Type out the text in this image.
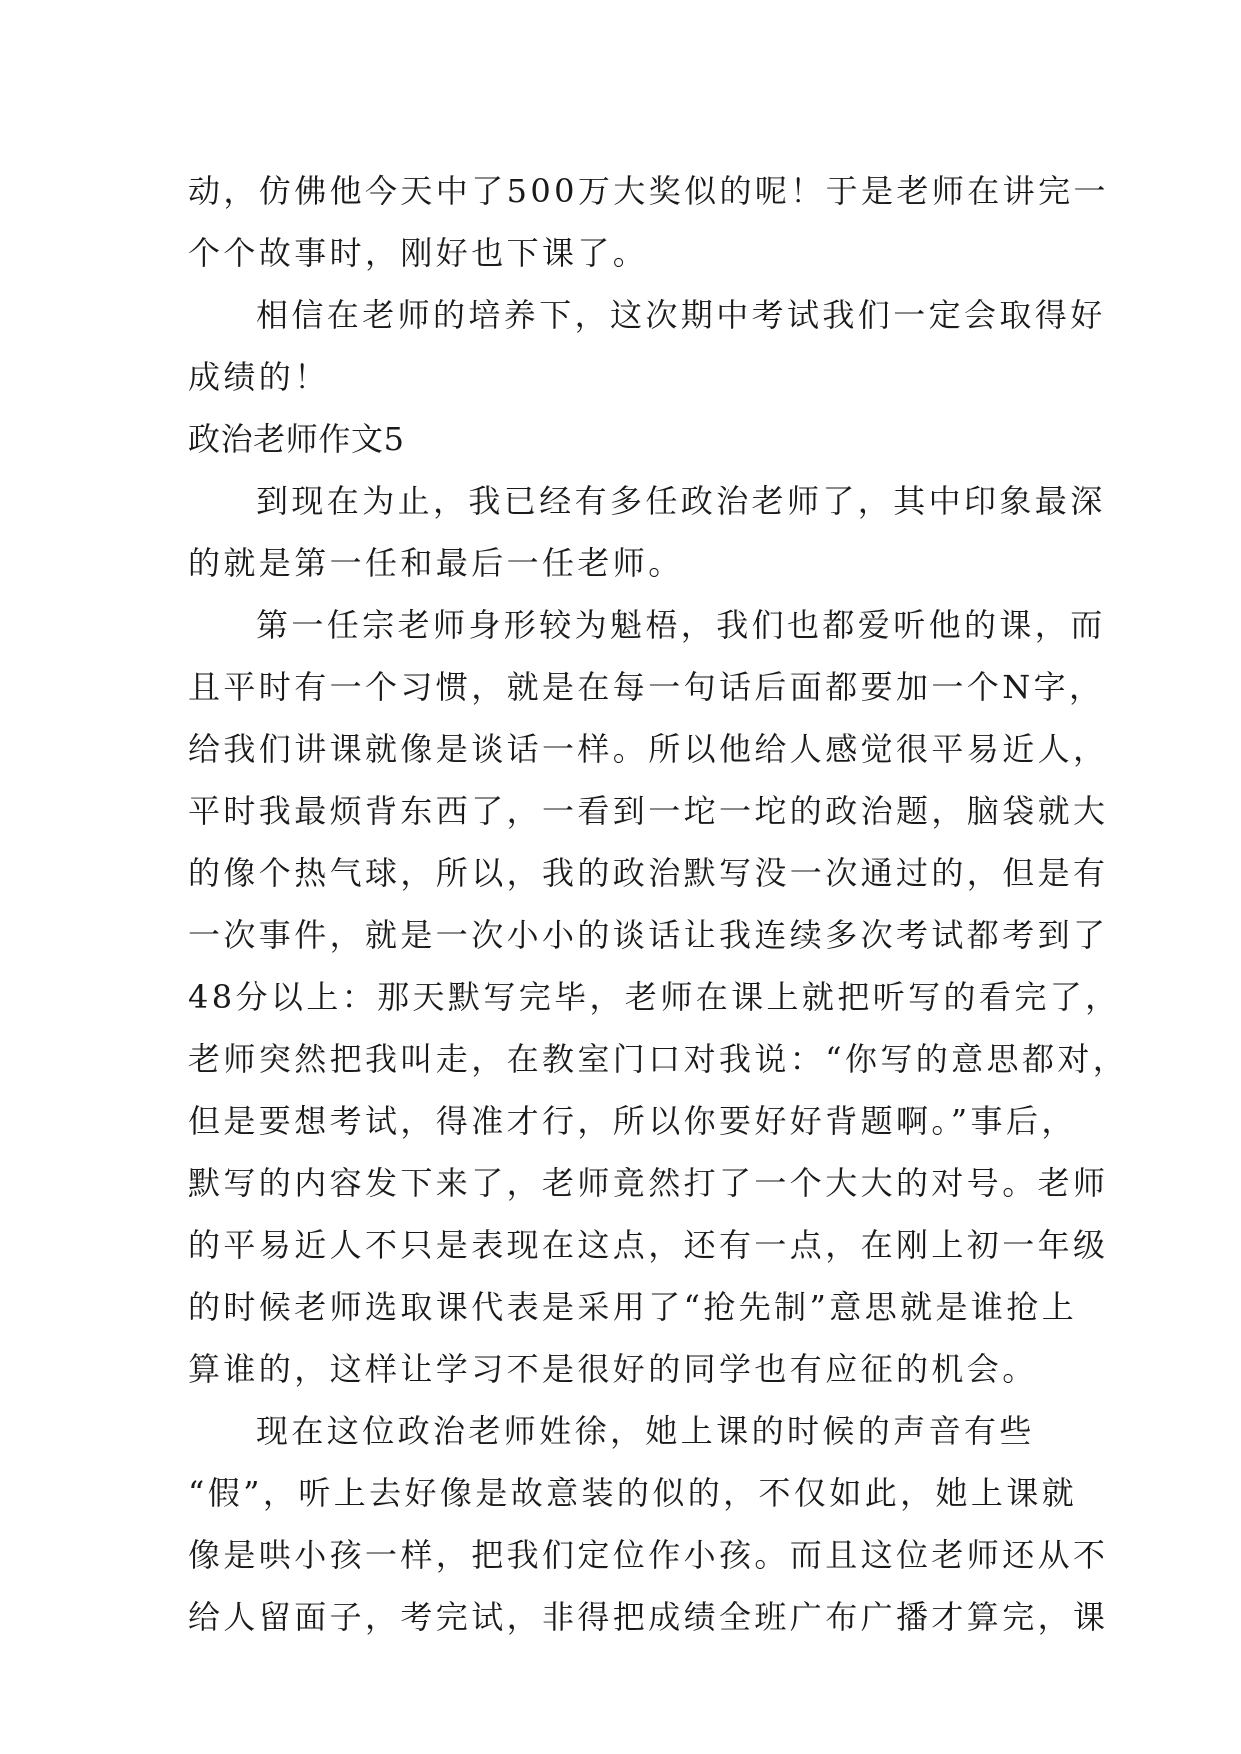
动，仿佛他今天中了500万大奖似的呢！于是老师在讲完一
个个故事时，刚好也下课了。

相信在老师的培养下，这次期中考试我们一定会取得好
成绩的！

政治老师作文5

到现在为止，我已经有多任政治老师了，其中印象最深
的就是第一任和最后一任老师。

第一任宗老师身形较为魁梧，我们也都爱听他的课，而
且平时有一个习惯，就是在每一句话后面都要加一个N字，
给我们讲课就像是谈话一样。所以他给人感觉很平易近人，
平时我最烦背东西了，一看到一坨一坨的政治题，脑袋就大
的像个热气球，所以，我的政治默写没一次通过的，但是有
一次事件，就是一次小小的谈话让我连续多次考试都考到了
48分以上：那天默写完毕，老师在课上就把听写的看完了，
老师突然把我叫走，在教室门口对我说：“你写的意思都对，
但是要想考试，得准才行，所以你要好好背题啊。”事后，
默写的内容发下来了，老师竟然打了一个大大的对号。老师
的平易近人不只是表现在这点，还有一点，在刚上初一年级
的时候老师选取课代表是采用了“抢先制”意思就是谁抢上
算谁的，这样让学习不是很好的同学也有应征的机会。

现在这位政治老师姓徐，她上课的时候的声音有些
“假”，听上去好像是故意装的似的，不仅如此，她上课就
像是哄小孩一样，把我们定位作小孩。而且这位老师还从不
给人留面子，考完试，非得把成绩全班广布广播才算完，课
